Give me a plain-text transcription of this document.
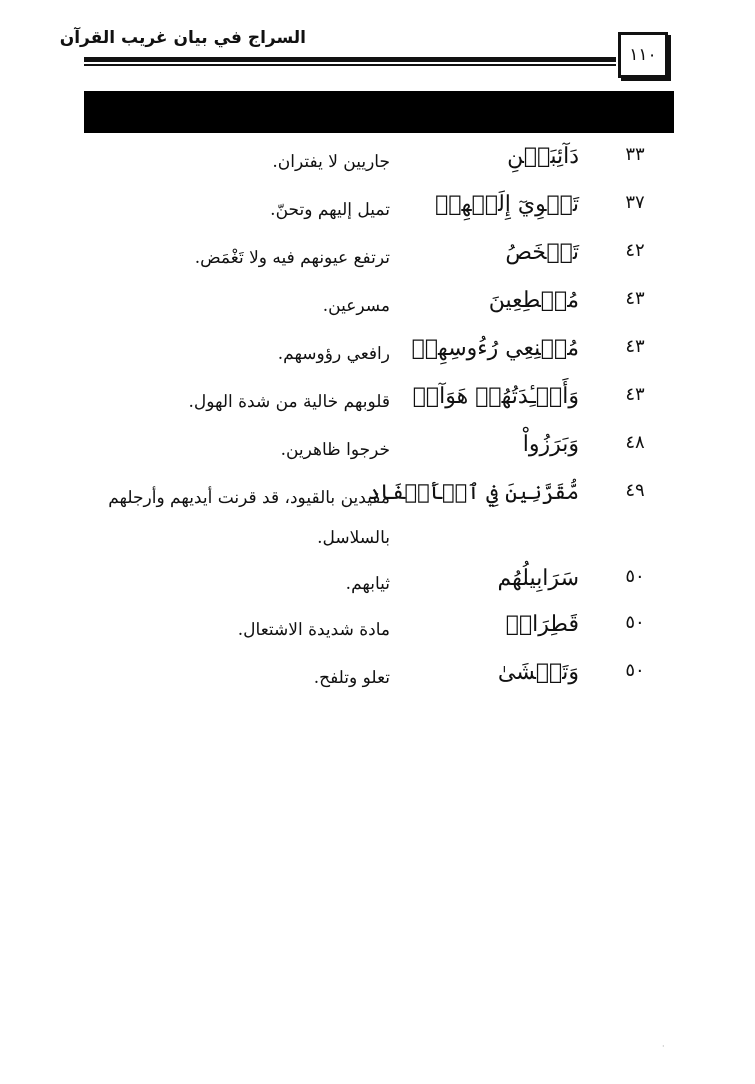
السراج في بيان غريب القرآن
١١٠
٣٣
دَآئِبَيۡنِ
جاريين لا يفتران.
٣٧
تَهۡوِيٓ إِلَيۡهِمۡ
تميل إليهم وتحنّ.
٤٢
تَشۡخَصُ
ترتفع عيونهم فيه ولا تَغْمَض.
٤٣
مُهۡطِعِينَ
مسرعين.
٤٣
مُقۡنِعِي رُءُوسِهِمۡ
رافعي رؤوسهم.
٤٣
وَأَفۡـِٔدَتُهُمۡ هَوَآءٞ
قلوبهم خالية من شدة الهول.
٤٨
وَبَرَزُواْ
خرجوا ظاهرين.
٤٩
مُّقَرَّنِينَ فِي ٱلۡأَصۡفَادِ
مقيدين بالقيود، قد قرنت أيديهم وأرجلهم بالسلاسل.
٥٠
سَرَابِيلُهُم
ثيابهم.
٥٠
قَطِرَانٖ
مادة شديدة الاشتعال.
٥٠
وَتَغۡشَىٰ
تعلو وتلفح.
·
